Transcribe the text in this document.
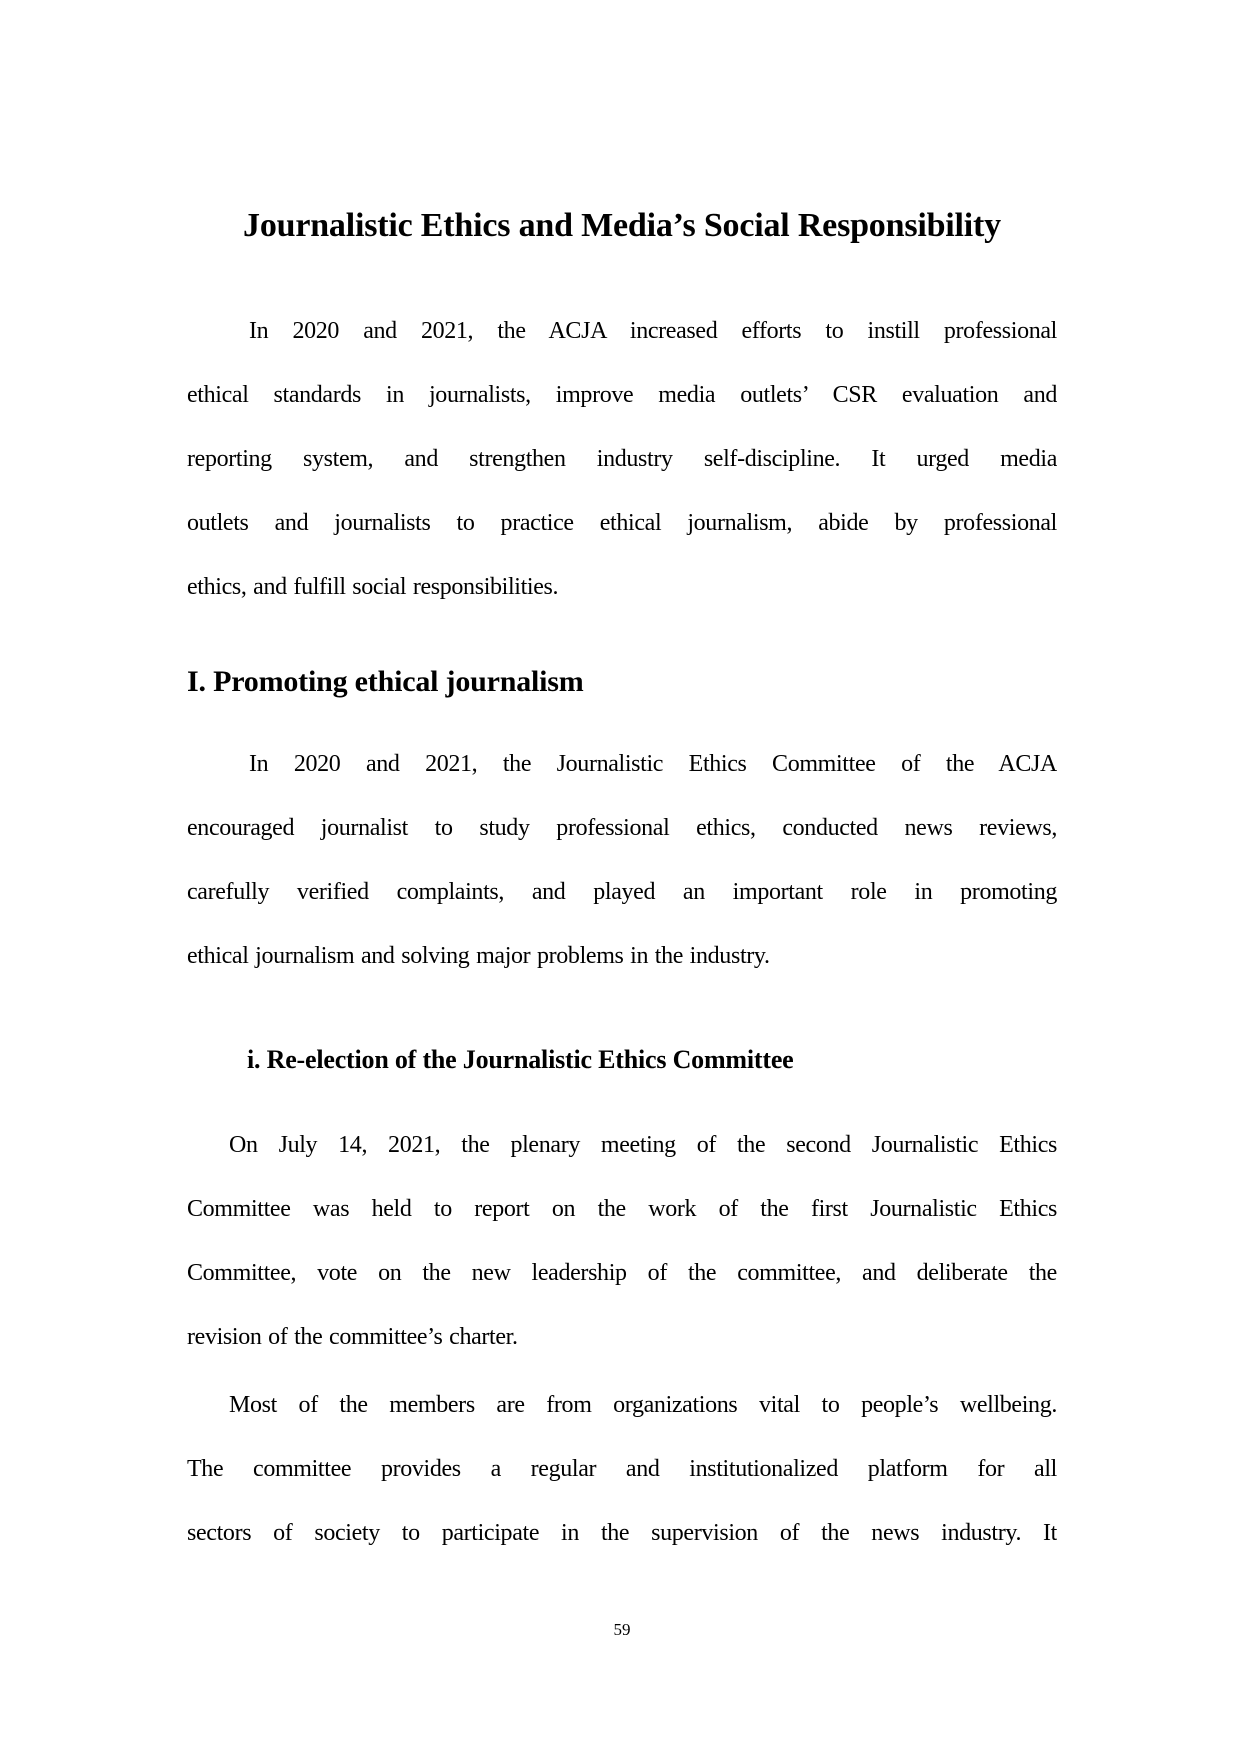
Journalistic Ethics and Media’s Social Responsibility
In 2020 and 2021, the ACJA increased efforts to instill professional
ethical standards in journalists, improve media outlets’ CSR evaluation and
reporting system, and strengthen industry self-discipline. It urged media
outlets and journalists to practice ethical journalism, abide by professional
ethics, and fulfill social responsibilities.
I. Promoting ethical journalism
In 2020 and 2021, the Journalistic Ethics Committee of the ACJA
encouraged journalist to study professional ethics, conducted news reviews,
carefully verified complaints, and played an important role in promoting
ethical journalism and solving major problems in the industry.
i. Re-election of the Journalistic Ethics Committee
On July 14, 2021, the plenary meeting of the second Journalistic Ethics
Committee was held to report on the work of the first Journalistic Ethics
Committee, vote on the new leadership of the committee, and deliberate the
revision of the committee’s charter.
Most of the members are from organizations vital to people’s wellbeing.
The committee provides a regular and institutionalized platform for all
sectors of society to participate in the supervision of the news industry. It
59
